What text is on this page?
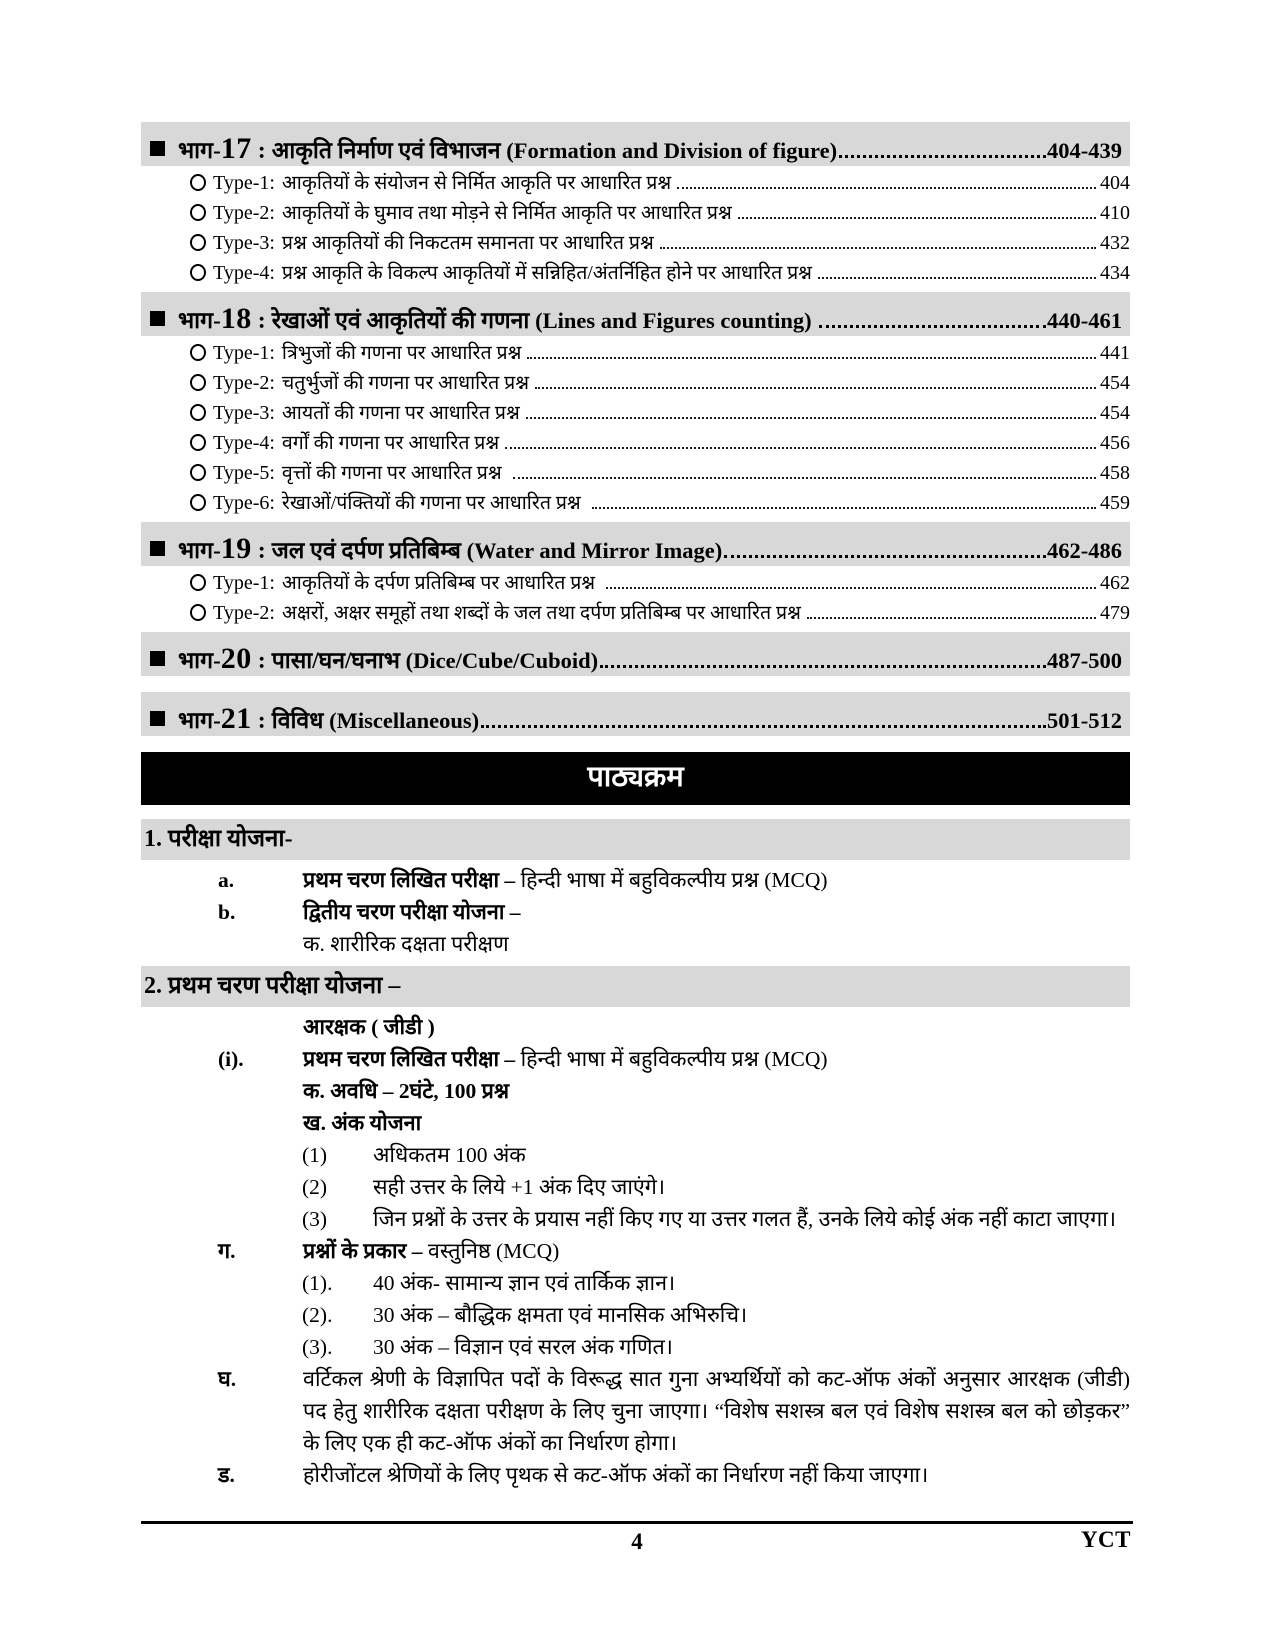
भाग- 17 : आकृति निर्माण एवं विभाजन (Formation and Division of figure)	404-439
Type-1: आकृतियों के संयोजन से निर्मित आकृति पर आधारित प्रश्न	404
Type-2: आकृतियों के घुमाव तथा मोड़ने से निर्मित आकृति पर आधारित प्रश्न	410
Type-3: प्रश्न आकृतियों की निकटतम समानता पर आधारित प्रश्न	432
Type-4: प्रश्न आकृति के विकल्प आकृतियों में सन्निहित/अंतर्निहित होने पर आधारित प्रश्न	434
भाग- 18 : रेखाओं एवं आकृतियों की गणना (Lines and Figures counting)	440-461
Type-1: त्रिभुजों की गणना पर आधारित प्रश्न	441
Type-2: चतुर्भुजों की गणना पर आधारित प्रश्न	454
Type-3: आयतों की गणना पर आधारित प्रश्न	454
Type-4: वर्गों की गणना पर आधारित प्रश्न	456
Type-5: वृत्तों की गणना पर आधारित प्रश्न	458
Type-6: रेखाओं/पंक्तियों की गणना पर आधारित प्रश्न	459
भाग- 19 : जल एवं दर्पण प्रतिबिम्ब (Water and Mirror Image)	462-486
Type-1: आकृतियों के दर्पण प्रतिबिम्ब पर आधारित प्रश्न	462
Type-2: अक्षरों, अक्षर समूहों तथा शब्दों के जल तथा दर्पण प्रतिबिम्ब पर आधारित प्रश्न	479
भाग- 20 : पासा/घन/घनाभ (Dice/Cube/Cuboid)	487-500
भाग- 21 : विविध (Miscellaneous)	501-512
पाठ्यक्रम
1. परीक्षा योजना-
a.	प्रथम चरण लिखित परीक्षा – हिन्दी भाषा में बहुविकल्पीय प्रश्न (MCQ)
b.	द्वितीय चरण परीक्षा योजना –
क. शारीरिक दक्षता परीक्षण
2. प्रथम चरण परीक्षा योजना –
आरक्षक ( जीडी )
(i).	प्रथम चरण लिखित परीक्षा – हिन्दी भाषा में बहुविकल्पीय प्रश्न (MCQ)
क. अवधि – 2घंटे, 100 प्रश्न
ख. अंक योजना
(1) अधिकतम 100 अंक
(2) सही उत्तर के लिये +1 अंक दिए जाएंगे।
(3) जिन प्रश्नों के उत्तर के प्रयास नहीं किए गए या उत्तर गलत हैं, उनके लिये कोई अंक नहीं काटा जाएगा।
ग.	प्रश्नों के प्रकार – वस्तुनिष्ठ (MCQ)
(1). 40 अंक- सामान्य ज्ञान एवं तार्किक ज्ञान।
(2). 30 अंक – बौद्धिक क्षमता एवं मानसिक अभिरुचि।
(3). 30 अंक – विज्ञान एवं सरल अंक गणित।
घ.	वर्टिकल श्रेणी के विज्ञापित पदों के विरूद्ध सात गुना अभ्यर्थियों को कट-ऑफ अंकों अनुसार आरक्षक (जीडी) पद हेतु शारीरिक दक्षता परीक्षण के लिए चुना जाएगा। “विशेष सशस्त्र बल एवं विशेष सशस्त्र बल को छोड़कर” के लिए एक ही कट-ऑफ अंकों का निर्धारण होगा।
ड.	होरीजोंटल श्रेणियों के लिए पृथक से कट-ऑफ अंकों का निर्धारण नहीं किया जाएगा।
4	YCT
